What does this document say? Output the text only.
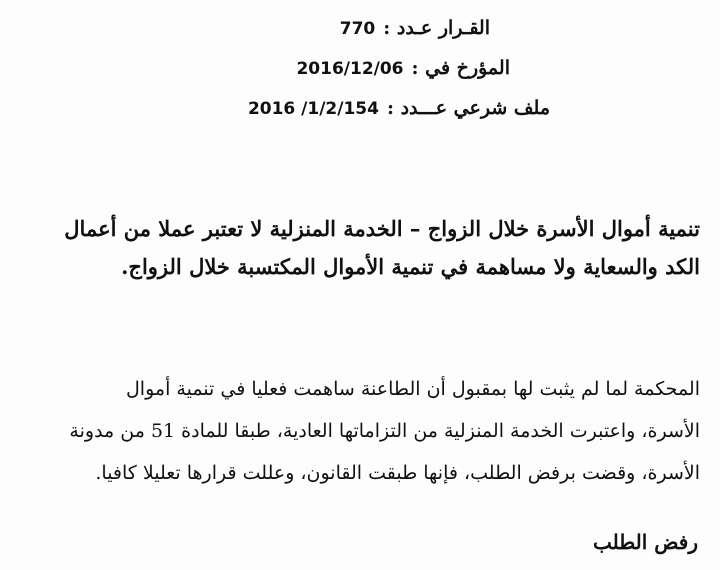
القـرار عـدد :
770
المؤرخ في :
2016/12/06
ملف شرعي عـــدد :
2016 /1/2/154
تنمية أموال الأسرة خلال الزواج – الخدمة المنزلية لا تعتبر عملا من أعمال
الكد والسعاية ولا مساهمة في تنمية الأموال المكتسبة خلال الزواج.
المحكمة لما لم يثبت لها بمقبول أن الطاعنة ساهمت فعليا في تنمية أموال
الأسرة، واعتبرت الخدمة المنزلية من التزاماتها العادية، طبقا للمادة 51 من مدونة
الأسرة، وقضت برفض الطلب، فإنها طبقت القانون، وعللت قرارها تعليلا كافيا.
رفض الطلب
